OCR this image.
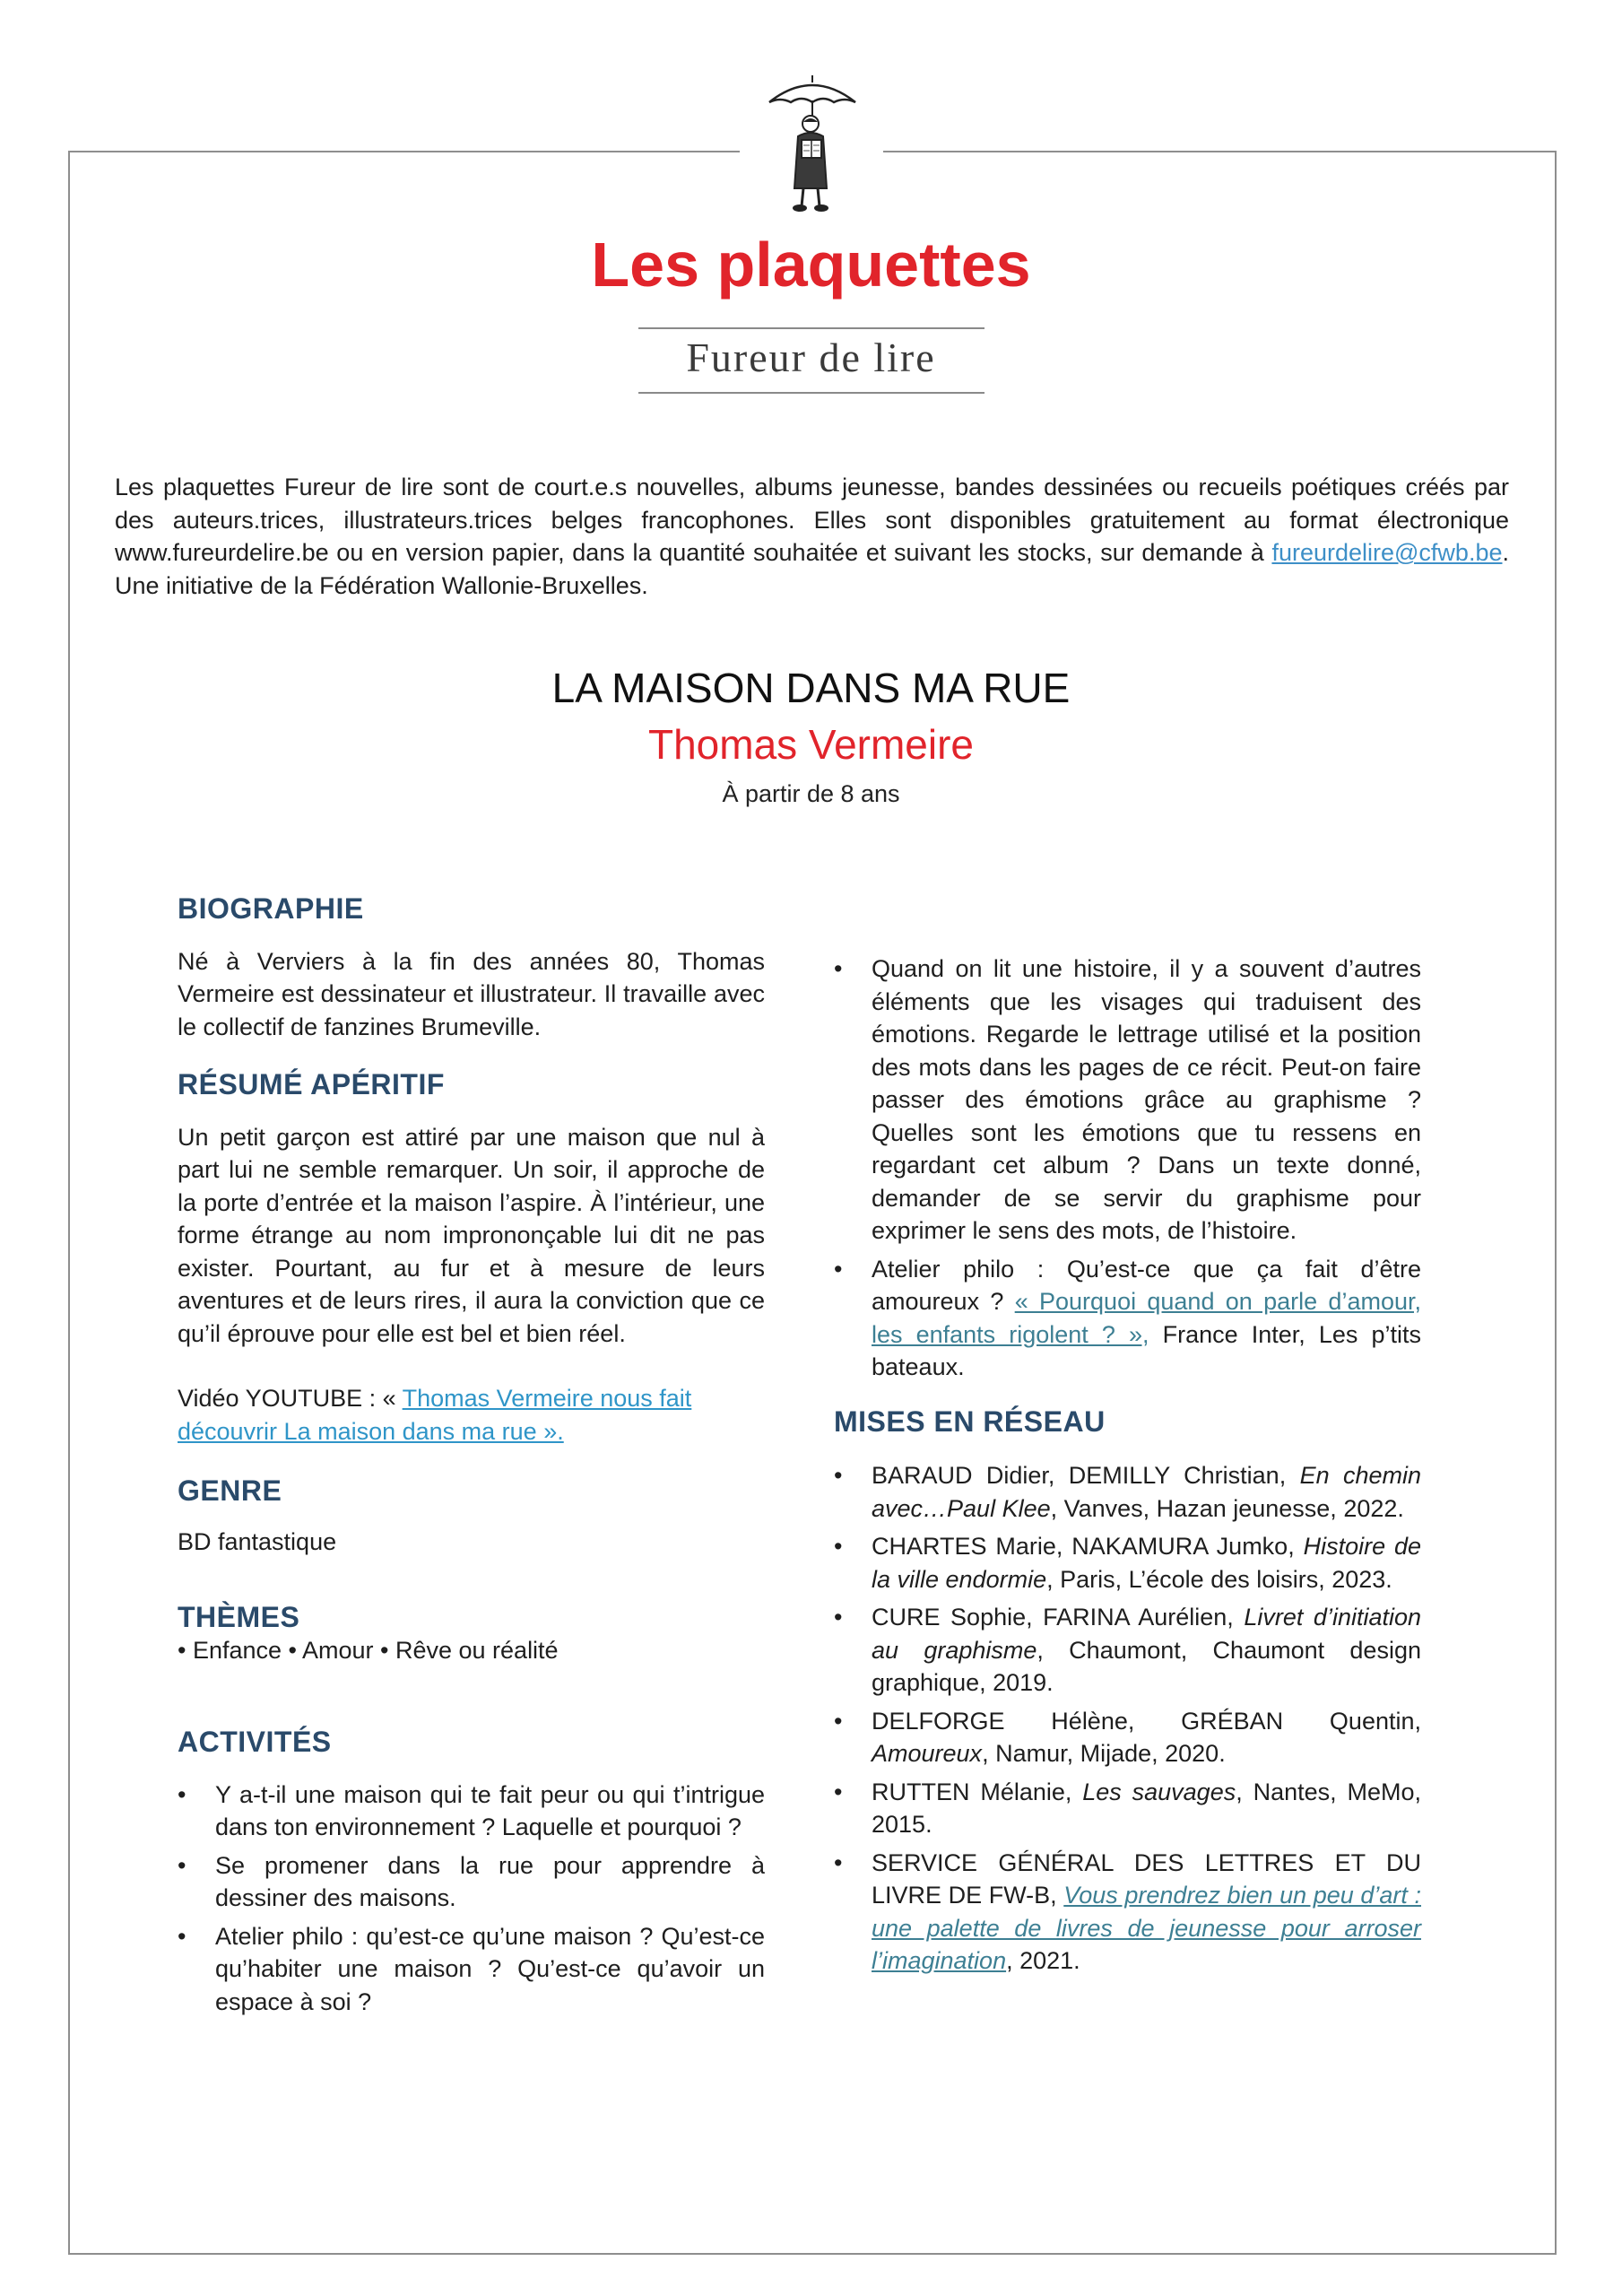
Les plaquettes
Fureur de lire
Les plaquettes Fureur de lire sont de court.e.s nouvelles, albums jeunesse, bandes dessinées ou recueils poétiques créés par des auteurs.trices, illustrateurs.trices belges francophones. Elles sont disponibles gratuitement au format électronique www.fureurdelire.be ou en version papier, dans la quantité souhaitée et suivant les stocks, sur demande à fureurdelire@cfwb.be. Une initiative de la Fédération Wallonie-Bruxelles.
LA MAISON DANS MA RUE
Thomas Vermeire
À partir de 8 ans
BIOGRAPHIE

Né à Verviers à la fin des années 80, Thomas Vermeire est dessinateur et illustrateur. Il travaille avec le collectif de fanzines Brumeville.

RÉSUMÉ APÉRITIF

Un petit garçon est attiré par une maison que nul à part lui ne semble remarquer. Un soir, il approche de la porte d’entrée et la maison l’aspire. À l’intérieur, une forme étrange au nom imprononçable lui dit ne pas exister. Pourtant, au fur et à mesure de leurs aventures et de leurs rires, il aura la conviction que ce qu’il éprouve pour elle est bel et bien réel.

Vidéo YOUTUBE : « Thomas Vermeire nous fait découvrir La maison dans ma rue ».

GENRE

BD fantastique

THÈMES

• Enfance • Amour • Rêve ou réalité

ACTIVITÉS
• Y a-t-il une maison qui te fait peur ou qui t’intrigue dans ton environnement ? Laquelle et pourquoi ?
• Se promener dans la rue pour apprendre à dessiner des maisons.
• Atelier philo : qu’est-ce qu’une maison ? Qu’est-ce qu’habiter une maison ? Qu’est-ce qu’avoir un espace à soi ?
• Quand on lit une histoire, il y a souvent d’autres éléments que les visages qui traduisent des émotions. Regarde le lettrage utilisé et la position des mots dans les pages de ce récit. Peut-on faire passer des émotions grâce au graphisme ? Quelles sont les émotions que tu ressens en regardant cet album ? Dans un texte donné, demander de se servir du graphisme pour exprimer le sens des mots, de l’histoire.
• Atelier philo : Qu’est-ce que ça fait d’être amoureux ? « Pourquoi quand on parle d’amour, les enfants rigolent ? », France Inter, Les p’tits bateaux.
MISES EN RÉSEAU
• BARAUD Didier, DEMILLY Christian, En chemin avec…Paul Klee, Vanves, Hazan jeunesse, 2022.
• CHARTES Marie, NAKAMURA Jumko, Histoire de la ville endormie, Paris, L’école des loisirs, 2023.
• CURE Sophie, FARINA Aurélien, Livret d’initiation au graphisme, Chaumont, Chaumont design graphique, 2019.
• DELFORGE Hélène, GRÉBAN Quentin, Amoureux, Namur, Mijade, 2020.
• RUTTEN Mélanie, Les sauvages, Nantes, MeMo, 2015.
• SERVICE GÉNÉRAL DES LETTRES ET DU LIVRE DE FW-B, Vous prendrez bien un peu d’art : une palette de livres de jeunesse pour arroser l’imagination, 2021.
